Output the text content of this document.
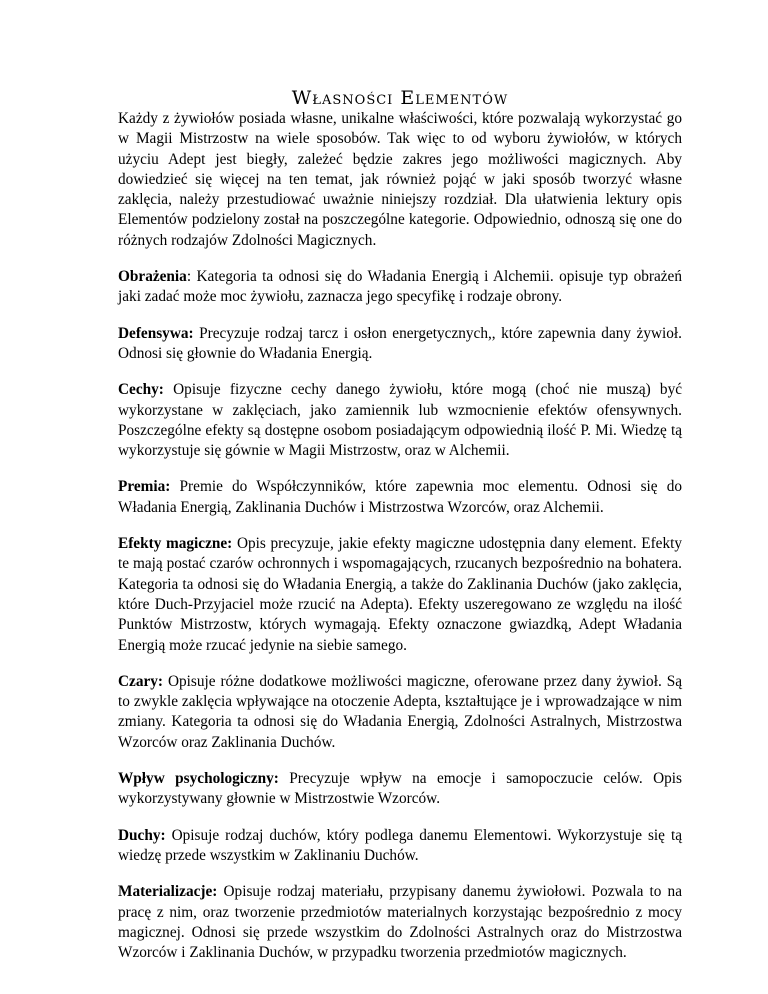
Własności Elementów

Każdy z żywiołów posiada własne, unikalne właściwości, które pozwalają wykorzystać go w Magii Mistrzostw na wiele sposobów. Tak więc to od wyboru żywiołów, w których użyciu Adept jest biegły, zależeć będzie zakres jego możliwości magicznych. Aby dowiedzieć się więcej na ten temat, jak również pojąć w jaki sposób tworzyć własne zaklęcia, należy przestudiować uważnie niniejszy rozdział. Dla ułatwienia lektury opis Elementów podzielony został na poszczególne kategorie. Odpowiednio, odnoszą się one do różnych rodzajów Zdolności Magicznych.

Obrażenia: Kategoria ta odnosi się do Władania Energią i Alchemii. opisuje typ obrażeń jaki zadać może moc żywiołu, zaznacza jego specyfikę i rodzaje obrony.

Defensywa: Precyzuje rodzaj tarcz i osłon energetycznych,, które zapewnia dany żywioł. Odnosi się głownie do Władania Energią.

Cechy: Opisuje fizyczne cechy danego żywiołu, które mogą (choć nie muszą) być wykorzystane w zaklęciach, jako zamiennik lub wzmocnienie efektów ofensywnych. Poszczególne efekty są dostępne osobom posiadającym odpowiednią ilość P. Mi. Wiedzę tą wykorzystuje się gównie w Magii Mistrzostw, oraz w Alchemii.

Premia: Premie do Współczynników, które zapewnia moc elementu. Odnosi się do Władania Energią, Zaklinania Duchów i Mistrzostwa Wzorców, oraz Alchemii.

Efekty magiczne: Opis precyzuje, jakie efekty magiczne udostępnia dany element. Efekty te mają postać czarów ochronnych i wspomagających, rzucanych bezpośrednio na bohatera. Kategoria ta odnosi się do Władania Energią, a także do Zaklinania Duchów (jako zaklęcia, które Duch-Przyjaciel może rzucić na Adepta). Efekty uszeregowano ze względu na ilość Punktów Mistrzostw, których wymagają. Efekty oznaczone gwiazdką, Adept Władania Energią może rzucać jedynie na siebie samego.

Czary: Opisuje różne dodatkowe możliwości magiczne, oferowane przez dany żywioł. Są to zwykle zaklęcia wpływające na otoczenie Adepta, kształtujące je i wprowadzające w nim zmiany. Kategoria ta odnosi się do Władania Energią, Zdolności Astralnych, Mistrzostwa Wzorców oraz Zaklinania Duchów.

Wpływ psychologiczny: Precyzuje wpływ na emocje i samopoczucie celów. Opis wykorzystywany głownie w Mistrzostwie Wzorców.

Duchy: Opisuje rodzaj duchów, który podlega danemu Elementowi. Wykorzystuje się tą wiedzę przede wszystkim w Zaklinaniu Duchów.

Materializacje: Opisuje rodzaj materiału, przypisany danemu żywiołowi. Pozwala to na pracę z nim, oraz tworzenie przedmiotów materialnych korzystając bezpośrednio z mocy magicznej. Odnosi się przede wszystkim do Zdolności Astralnych oraz do Mistrzostwa Wzorców i Zaklinania Duchów, w przypadku tworzenia przedmiotów magicznych.
